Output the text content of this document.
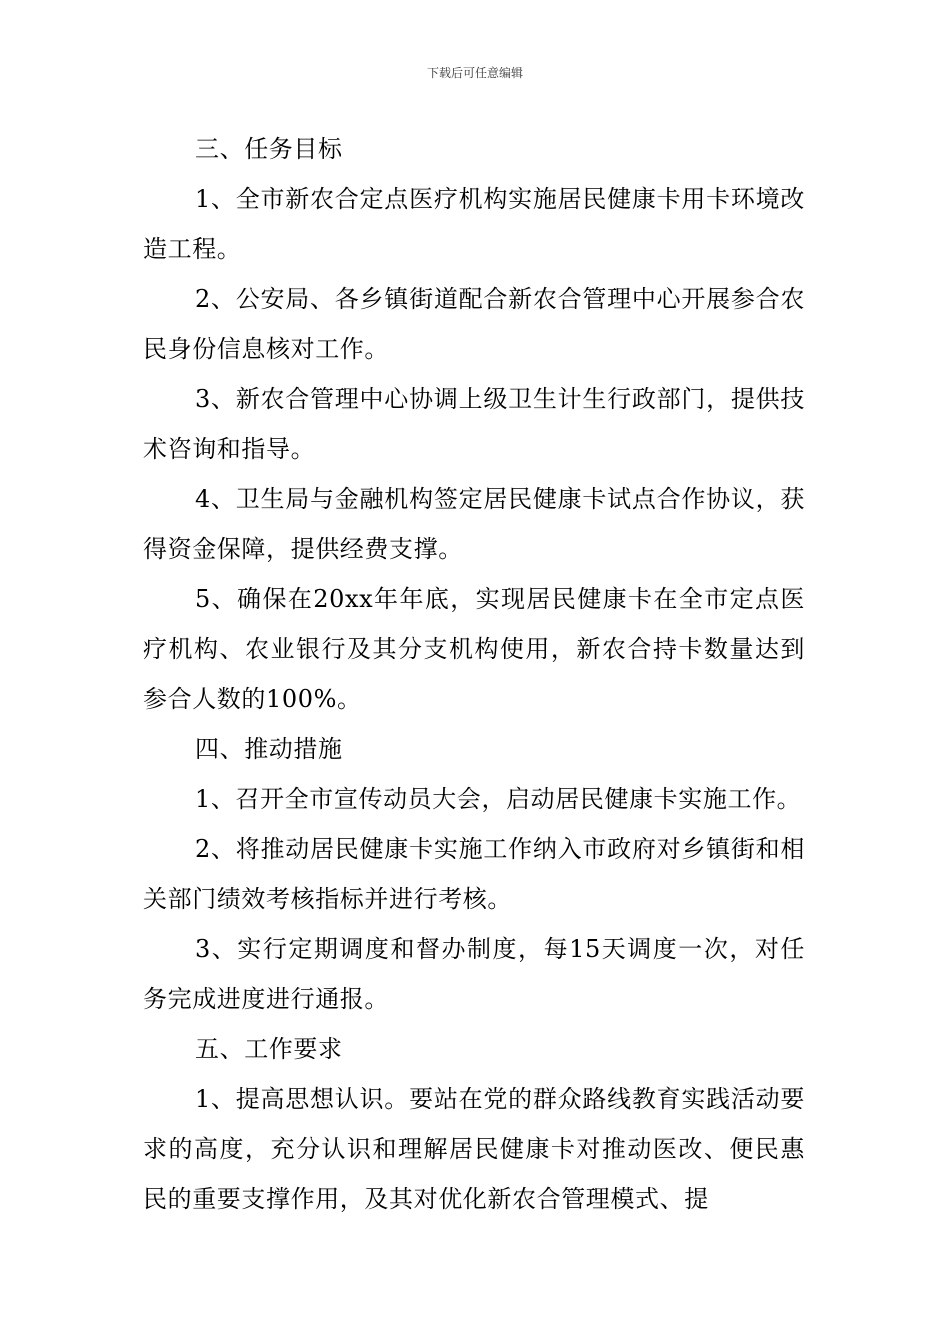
下载后可任意编辑

三、任务目标

1、全市新农合定点医疗机构实施居民健康卡用卡环境改造工程。

2、公安局、各乡镇街道配合新农合管理中心开展参合农民身份信息核对工作。

3、新农合管理中心协调上级卫生计生行政部门，提供技术咨询和指导。

4、卫生局与金融机构签定居民健康卡试点合作协议，获得资金保障，提供经费支撑。

5、确保在20xx年年底，实现居民健康卡在全市定点医疗机构、农业银行及其分支机构使用，新农合持卡数量达到参合人数的100%。

四、推动措施

1、召开全市宣传动员大会，启动居民健康卡实施工作。

2、将推动居民健康卡实施工作纳入市政府对乡镇街和相关部门绩效考核指标并进行考核。

3、实行定期调度和督办制度，每15天调度一次，对任务完成进度进行通报。

五、工作要求

1、提高思想认识。要站在党的群众路线教育实践活动要求的高度，充分认识和理解居民健康卡对推动医改、便民惠民的重要支撑作用，及其对优化新农合管理模式、提
